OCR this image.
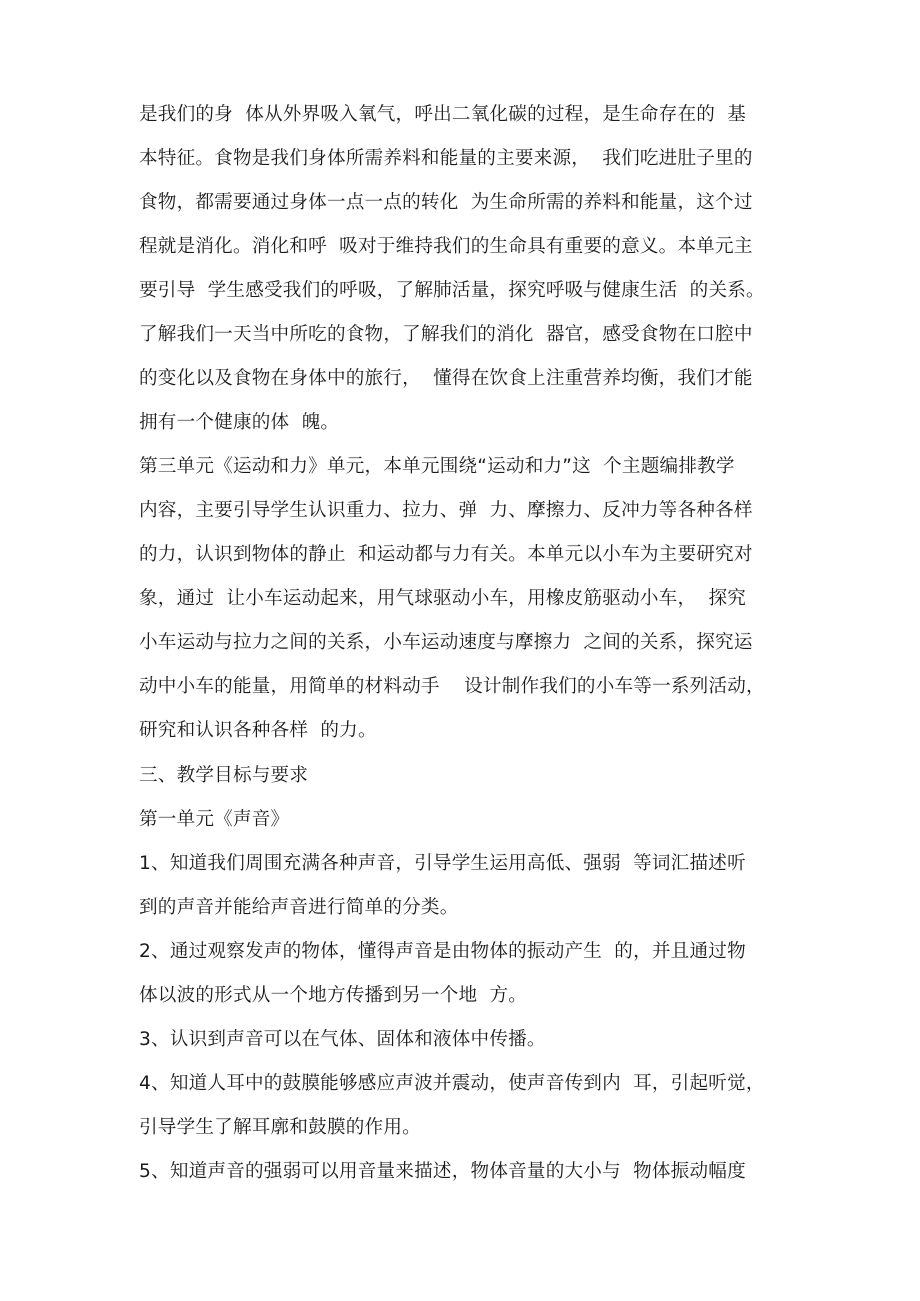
是我们的身  体从外界吸入氧气，呼出二氧化碳的过程，是生命存在的  基
本特征。食物是我们身体所需养料和能量的主要来源，  我们吃进肚子里的
食物，都需要通过身体一点一点的转化  为生命所需的养料和能量，这个过
程就是消化。消化和呼  吸对于维持我们的生命具有重要的意义。本单元主
要引导  学生感受我们的呼吸，了解肺活量，探究呼吸与健康生活  的关系。
了解我们一天当中所吃的食物，了解我们的消化  器官，感受食物在口腔中
的变化以及食物在身体中的旅行，  懂得在饮食上注重营养均衡，我们才能
拥有一个健康的体  魄。
第三单元《运动和力》单元，本单元围绕“运动和力”这  个主题编排教学
内容，主要引导学生认识重力、拉力、弹  力、摩擦力、反冲力等各种各样
的力，认识到物体的静止  和运动都与力有关。本单元以小车为主要研究对
象，通过  让小车运动起来，用气球驱动小车，用橡皮筋驱动小车，  探究
小车运动与拉力之间的关系，小车运动速度与摩擦力  之间的关系，探究运
动中小车的能量，用简单的材料动手    设计制作我们的小车等一系列活动，
研究和认识各种各样  的力。
三、教学目标与要求
第一单元《声音》
1、知道我们周围充满各种声音，引导学生运用高低、强弱  等词汇描述听
到的声音并能给声音进行简单的分类。
2、通过观察发声的物体，懂得声音是由物体的振动产生  的，并且通过物
体以波的形式从一个地方传播到另一个地  方。
3、认识到声音可以在气体、固体和液体中传播。
4、知道人耳中的鼓膜能够感应声波并震动，使声音传到内  耳，引起听觉，
引导学生了解耳廓和鼓膜的作用。
5、知道声音的强弱可以用音量来描述，物体音量的大小与  物体振动幅度
